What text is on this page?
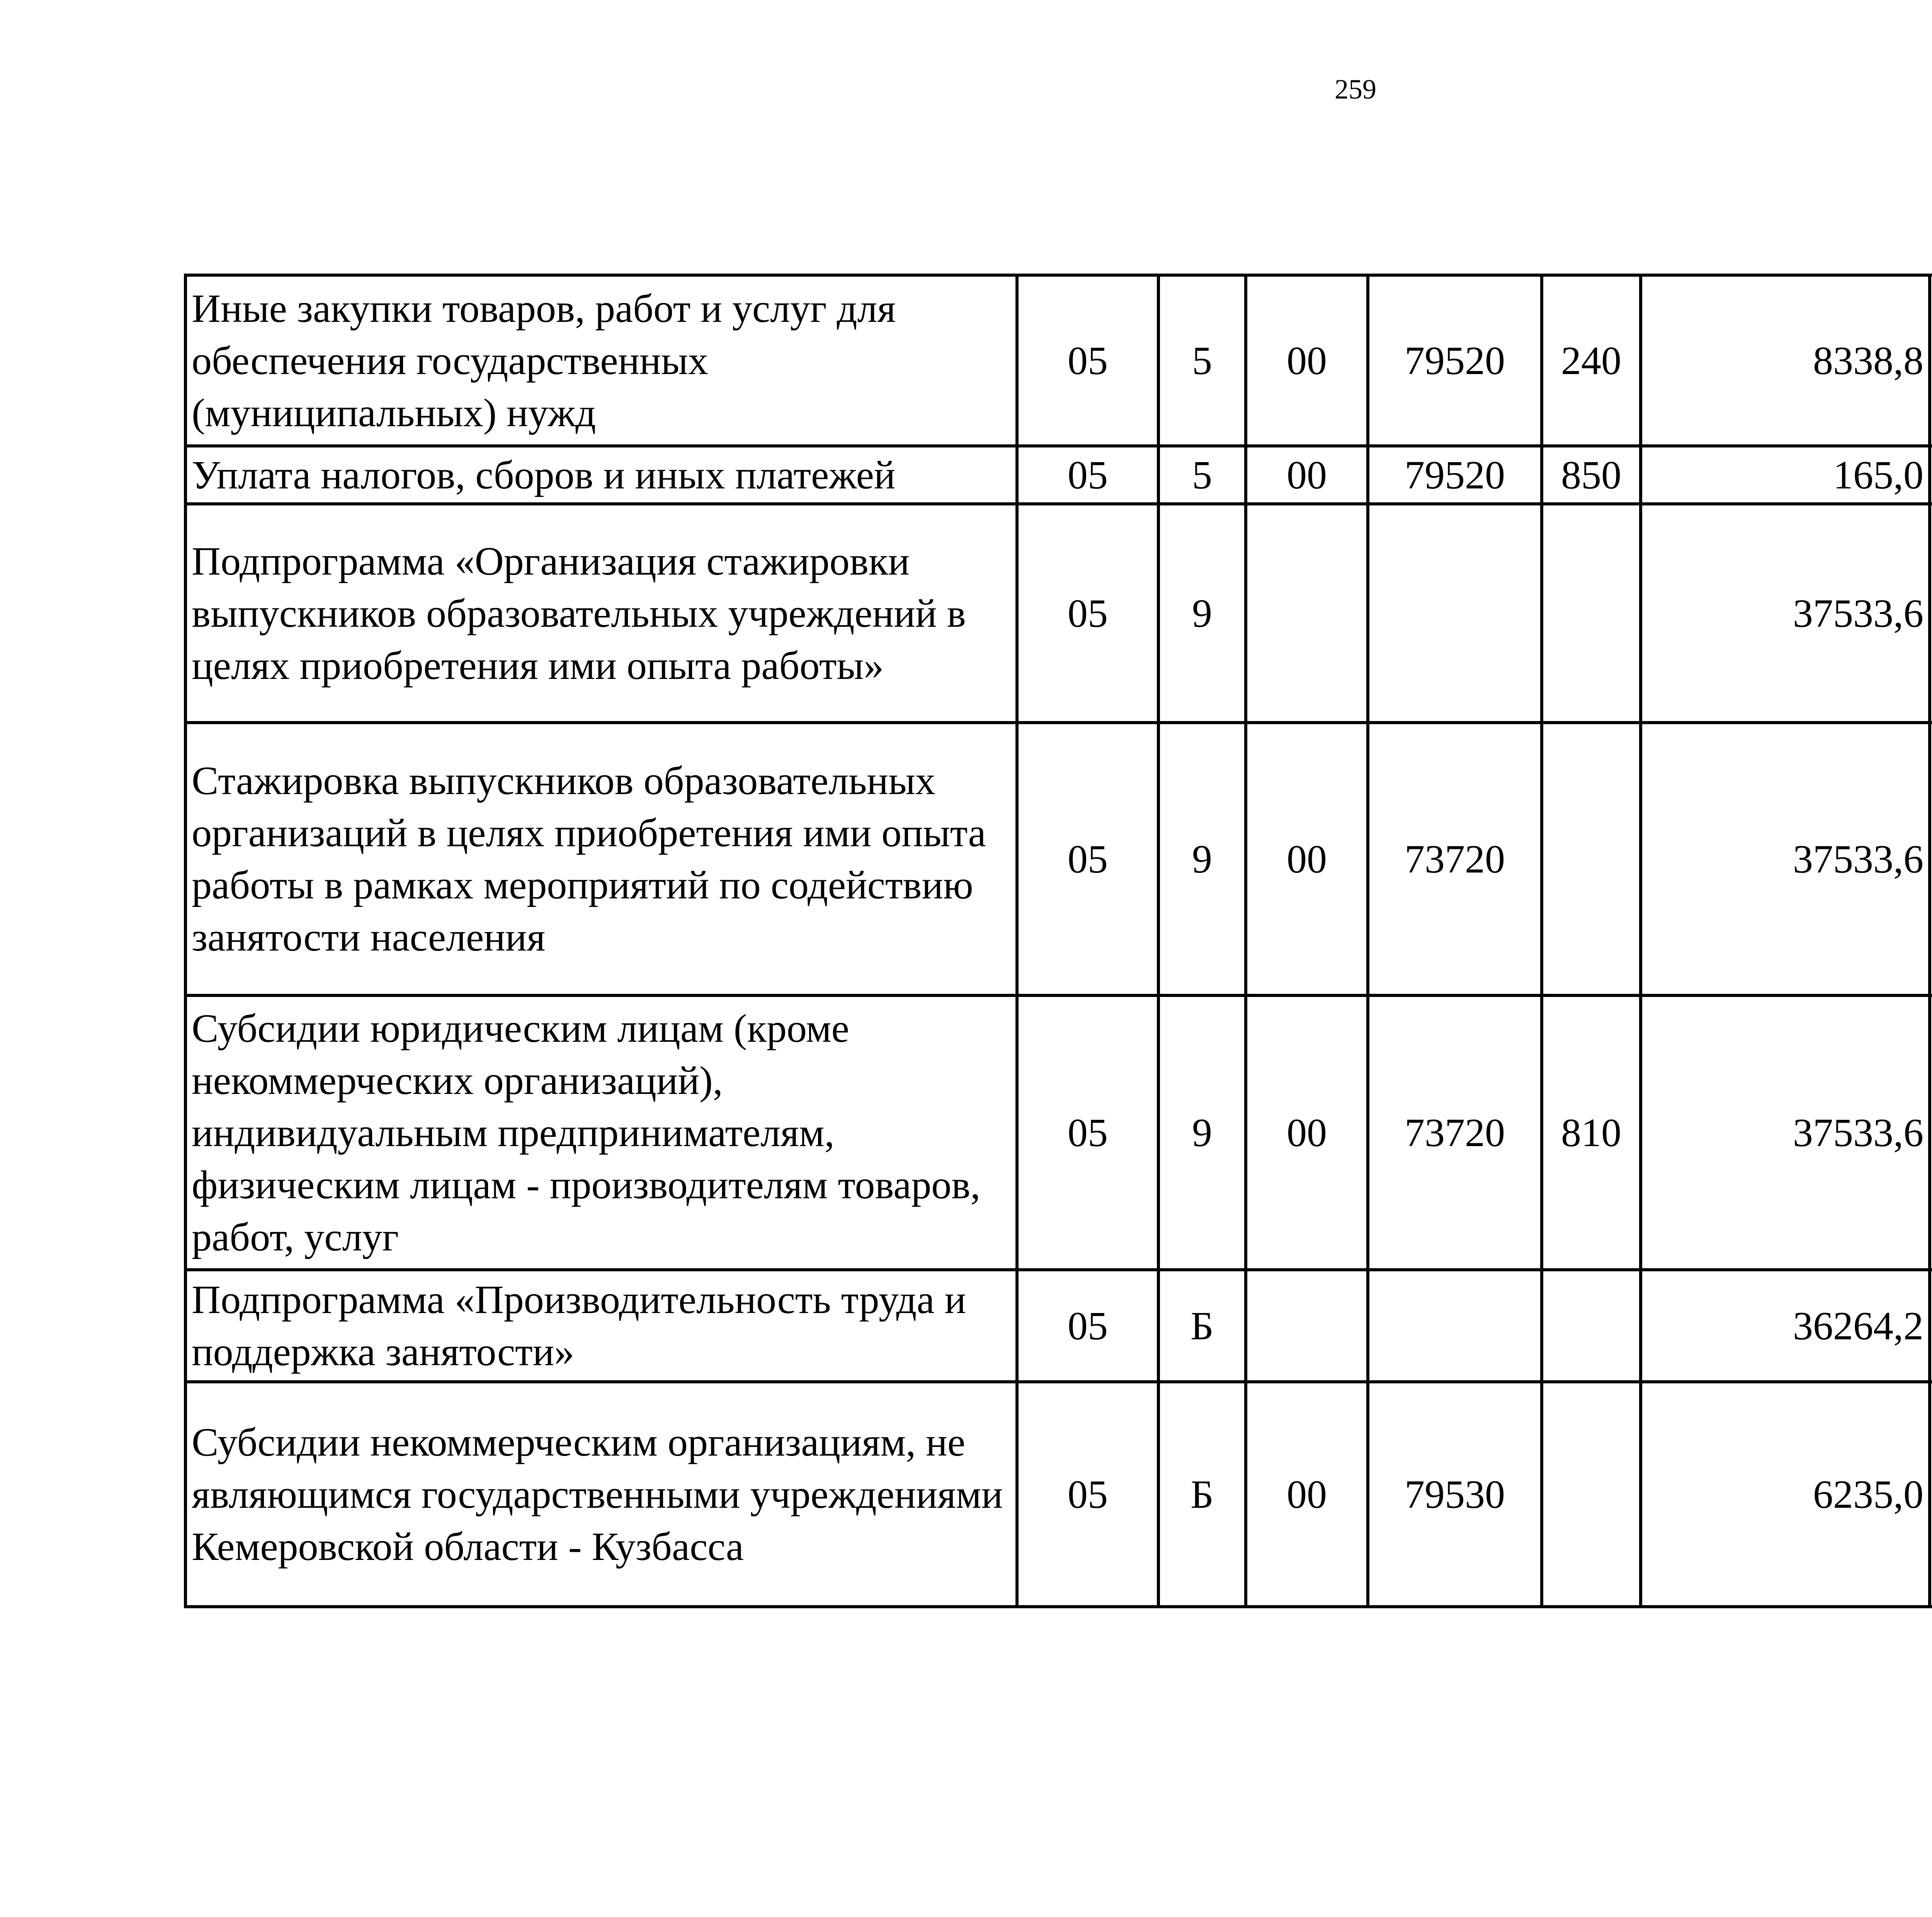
259
Иные закупки товаров, работ и услуг для обеспечения государственных (муниципальных) нужд	05	5	00	79520	240	8338,8		
Уплата налогов, сборов и иных платежей	05	5	00	79520	850	165,0		
Подпрограмма «Организация стажировки выпускников образовательных учреждений в целях приобретения ими опыта работы»	05	9				37533,6		
Стажировка выпускников образовательных организаций в целях приобретения ими опыта работы в рамках мероприятий по содействию занятости населения	05	9	00	73720		37533,6		
Субсидии юридическим лицам (кроме некоммерческих организаций), индивидуальным предпринимателям, физическим лицам - производителям товаров, работ, услуг	05	9	00	73720	810	37533,6		
Подпрограмма «Производительность труда и поддержка занятости»	05	Б				36264,2		
Субсидии некоммерческим организациям, не являющимся государственными учреждениями Кемеровской области - Кузбасса	05	Б	00	79530		6235,0		
